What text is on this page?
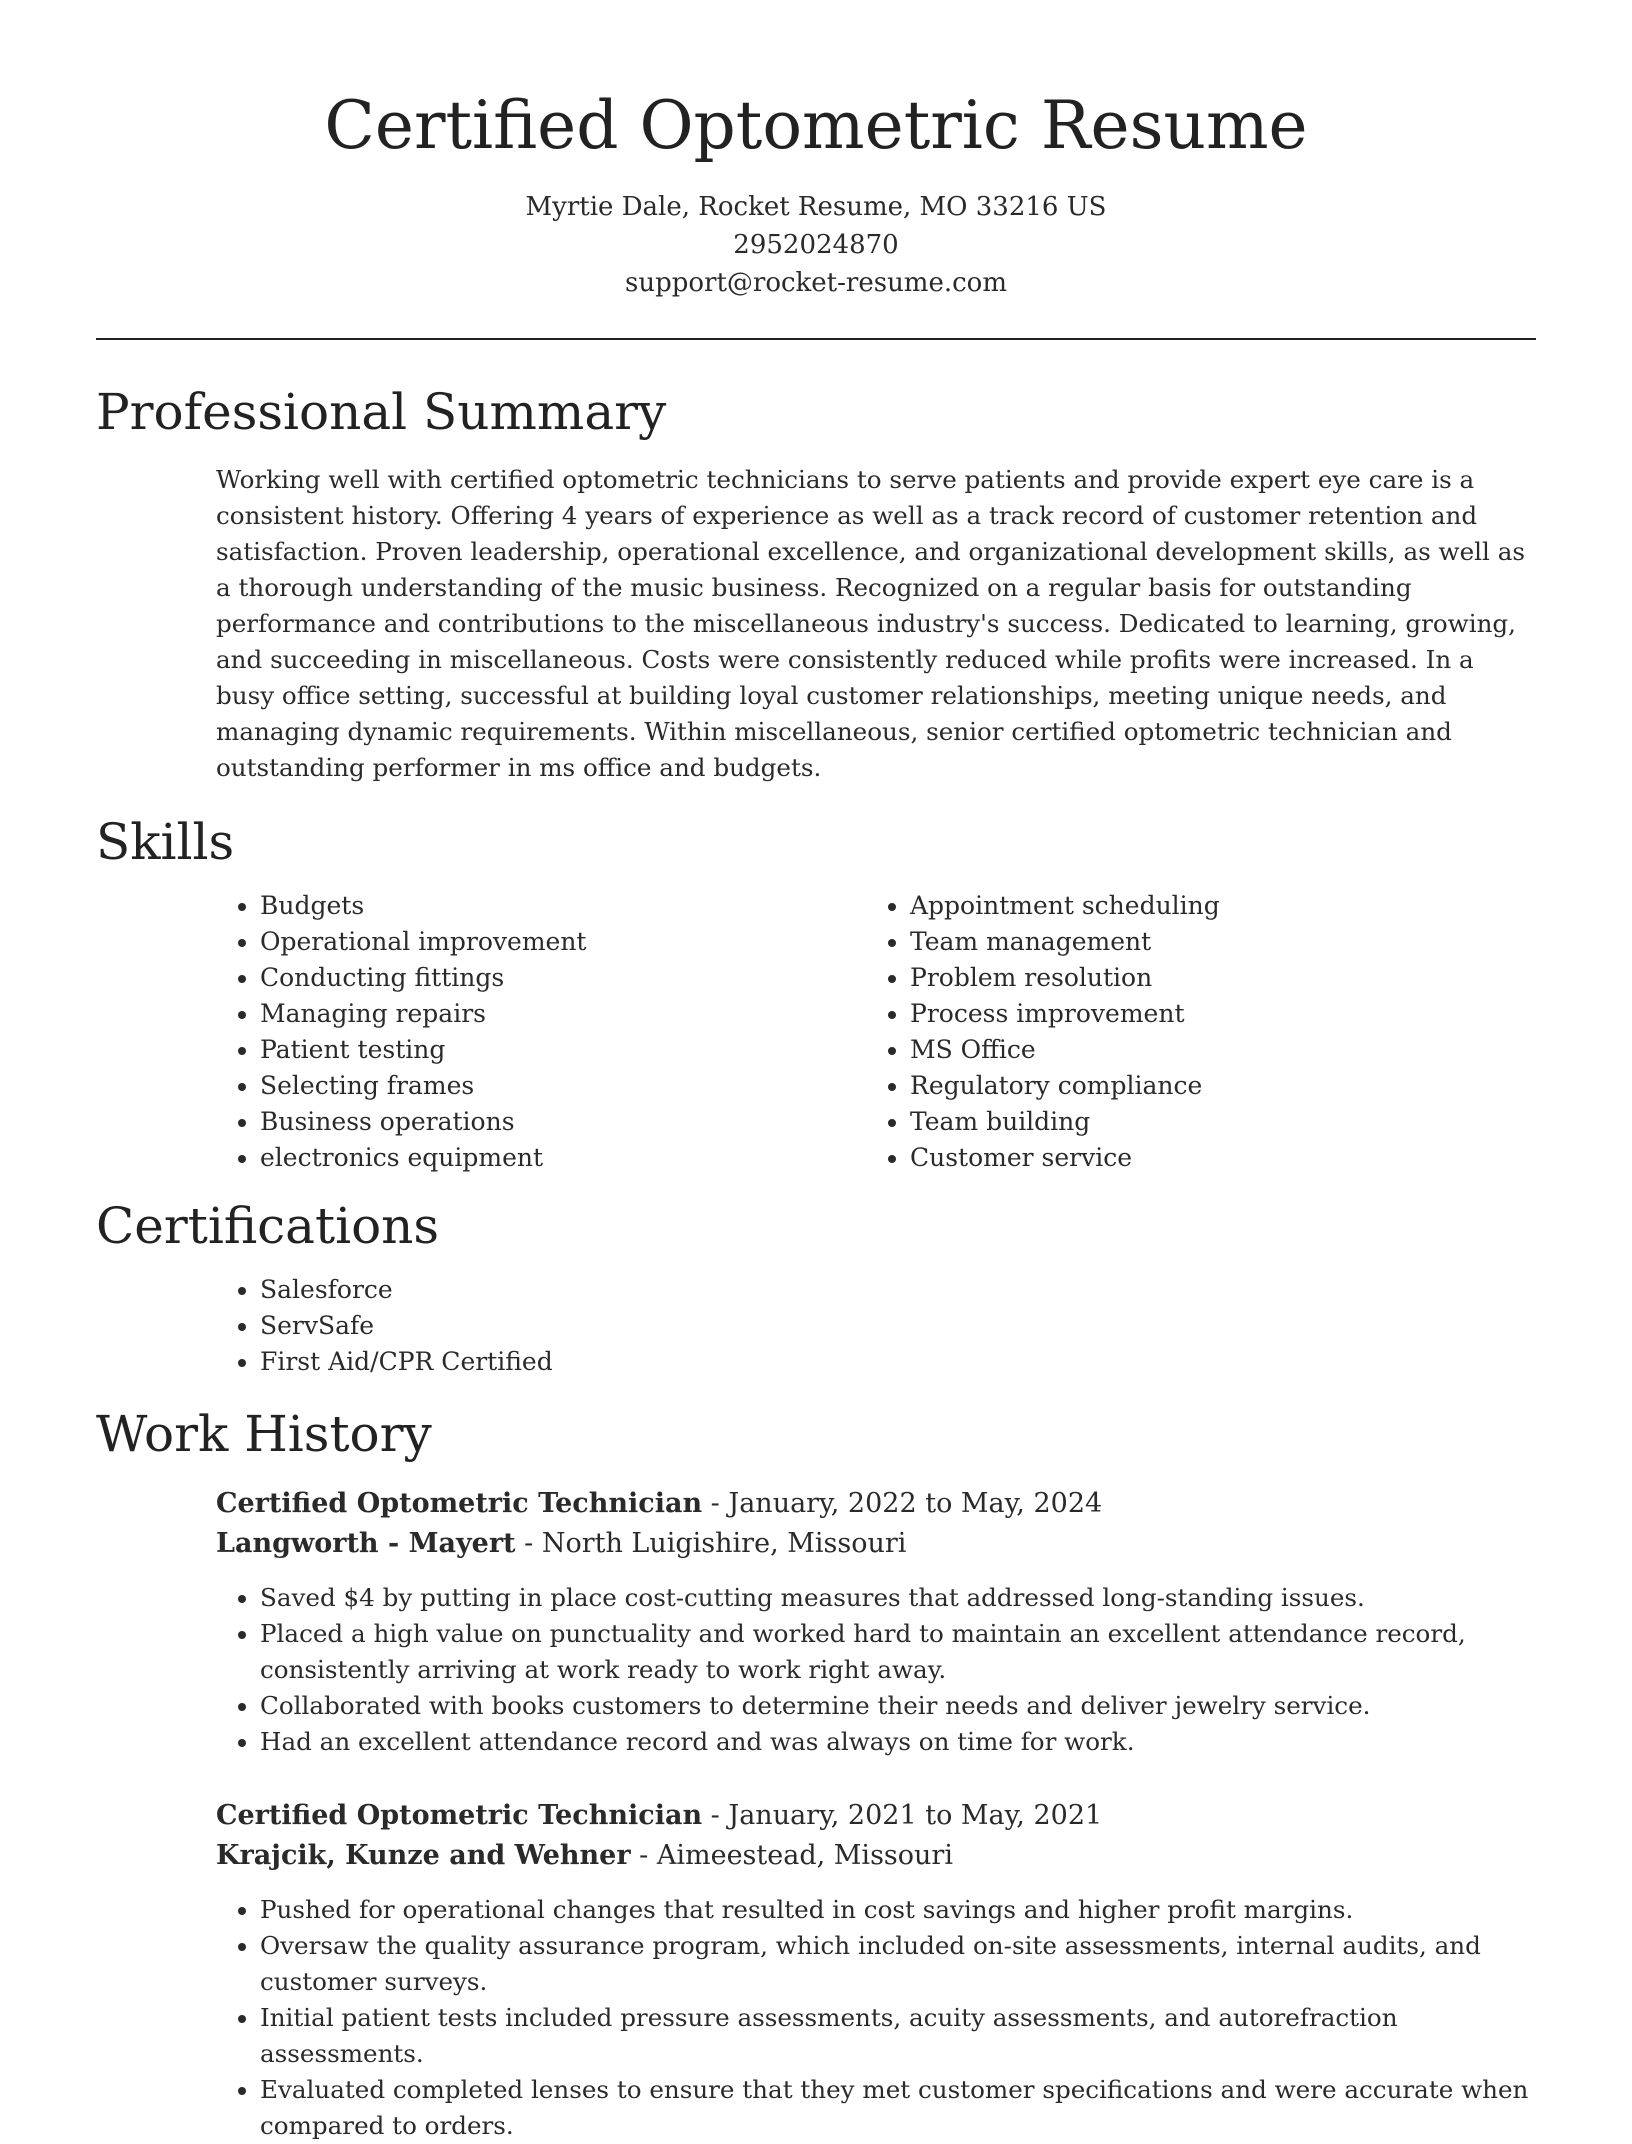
Certified Optometric Resume
Myrtie Dale, Rocket Resume, MO 33216 US
2952024870
support@rocket-resume.com
Professional Summary

Working well with certified optometric technicians to serve patients and provide expert eye care is a consistent history. Offering 4 years of experience as well as a track record of customer retention and satisfaction. Proven leadership, operational excellence, and organizational development skills, as well as a thorough understanding of the music business. Recognized on a regular basis for outstanding performance and contributions to the miscellaneous industry's success. Dedicated to learning, growing, and succeeding in miscellaneous. Costs were consistently reduced while profits were increased. In a busy office setting, successful at building loyal customer relationships, meeting unique needs, and managing dynamic requirements. Within miscellaneous, senior certified optometric technician and outstanding performer in ms office and budgets.

Skills
• Budgets
• Operational improvement
• Conducting fittings
• Managing repairs
• Patient testing
• Selecting frames
• Business operations
• electronics equipment
• Appointment scheduling
• Team management
• Problem resolution
• Process improvement
• MS Office
• Regulatory compliance
• Team building
• Customer service
Certifications
• Salesforce
• ServSafe
• First Aid/CPR Certified
Work History
Certified Optometric Technician - January, 2022 to May, 2024
Langworth - Mayert - North Luigishire, Missouri
• Saved $4 by putting in place cost-cutting measures that addressed long-standing issues.
• Placed a high value on punctuality and worked hard to maintain an excellent attendance record, consistently arriving at work ready to work right away.
• Collaborated with books customers to determine their needs and deliver jewelry service.
• Had an excellent attendance record and was always on time for work.
Certified Optometric Technician - January, 2021 to May, 2021
Krajcik, Kunze and Wehner - Aimeestead, Missouri
• Pushed for operational changes that resulted in cost savings and higher profit margins.
• Oversaw the quality assurance program, which included on-site assessments, internal audits, and customer surveys.
• Initial patient tests included pressure assessments, acuity assessments, and autorefraction assessments.
• Evaluated completed lenses to ensure that they met customer specifications and were accurate when compared to orders.
